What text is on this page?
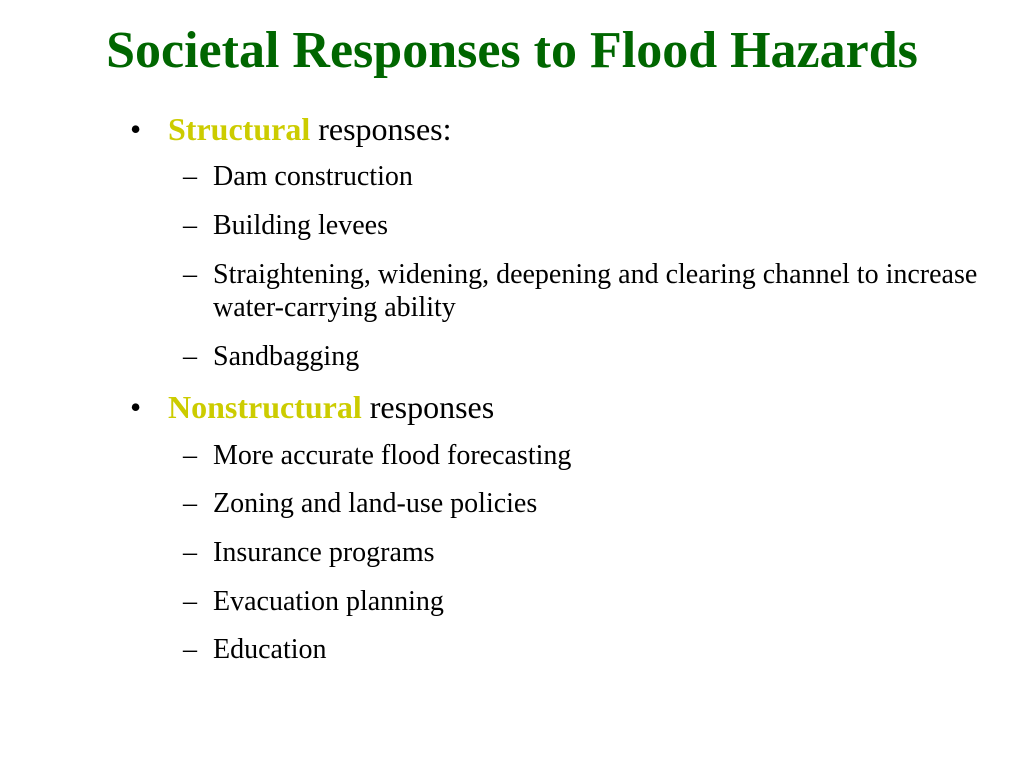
Societal Responses to Flood Hazards
• Structural responses:
– Dam construction
– Building levees
– Straightening, widening, deepening and clearing channel to increase water-carrying ability
– Sandbagging
• Nonstructural responses
– More accurate flood forecasting
– Zoning and land-use policies
– Insurance programs
– Evacuation planning
– Education
